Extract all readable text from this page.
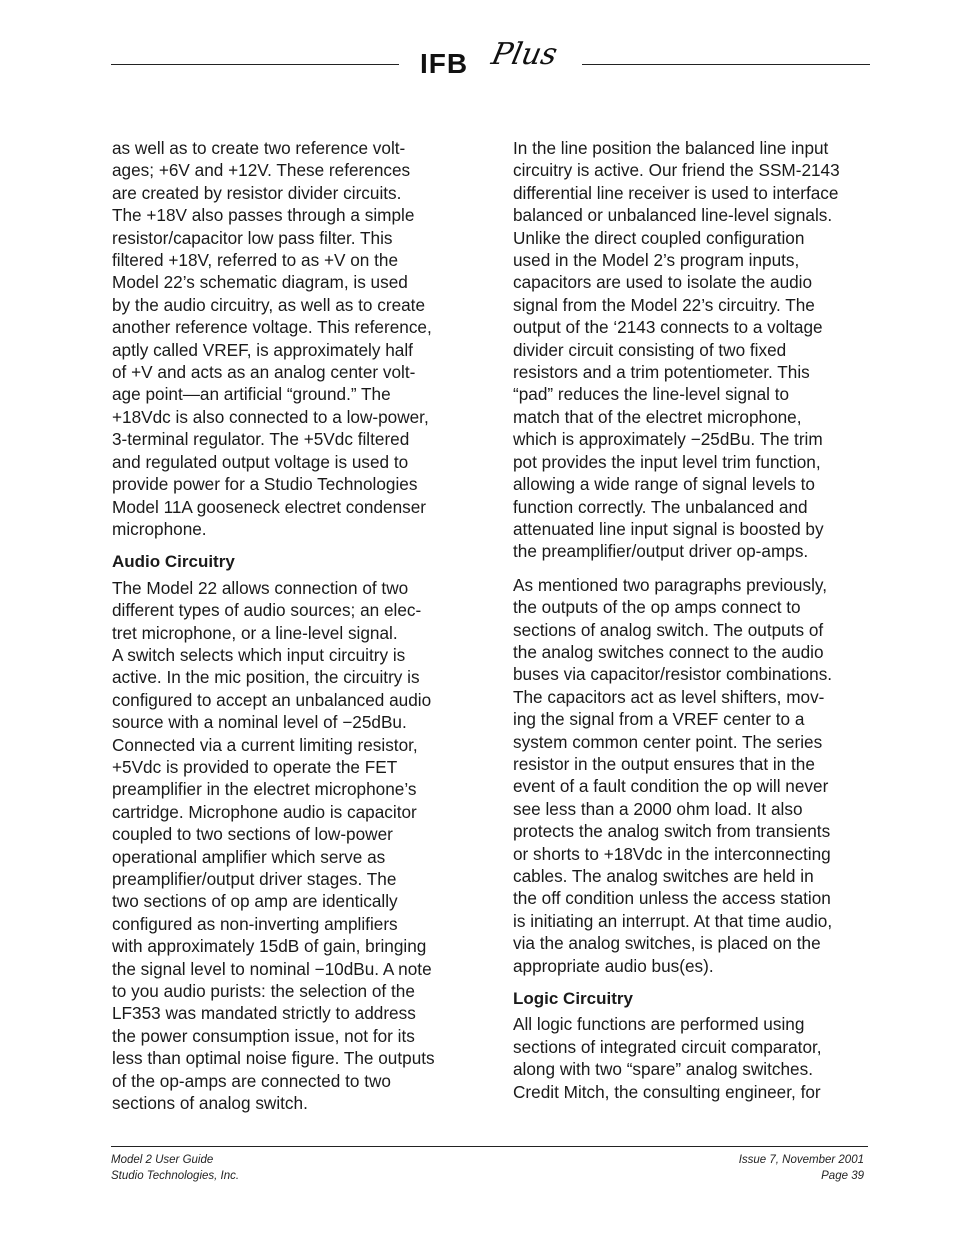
IFB Plus

as well as to create two reference volt-
ages; +6V and +12V. These references
are created by resistor divider circuits.
The +18V also passes through a simple
resistor/capacitor low pass filter. This
filtered +18V, referred to as +V on the
Model 22’s schematic diagram, is used
by the audio circuitry, as well as to create
another reference voltage. This reference,
aptly called VREF, is approximately half
of +V and acts as an analog center volt-
age point—an artificial “ground.” The
+18Vdc is also connected to a low-power,
3-terminal regulator. The +5Vdc filtered
and regulated output voltage is used to
provide power for a Studio Technologies
Model 11A gooseneck electret condenser
microphone.

Audio Circuitry

The Model 22 allows connection of two
different types of audio sources; an elec-
tret microphone, or a line-level signal.
A switch selects which input circuitry is
active. In the mic position, the circuitry is
configured to accept an unbalanced audio
source with a nominal level of −25dBu.
Connected via a current limiting resistor,
+5Vdc is provided to operate the FET
preamplifier in the electret microphone’s
cartridge. Microphone audio is capacitor
coupled to two sections of low-power
operational amplifier which serve as
preamplifier/output driver stages. The
two sections of op amp are identically
configured as non-inverting amplifiers
with approximately 15dB of gain, bringing
the signal level to nominal −10dBu. A note
to you audio purists: the selection of the
LF353 was mandated strictly to address
the power consumption issue, not for its
less than optimal noise figure. The outputs
of the op-amps are connected to two
sections of analog switch.

In the line position the balanced line input
circuitry is active. Our friend the SSM-2143
differential line receiver is used to interface
balanced or unbalanced line-level signals.
Unlike the direct coupled configuration
used in the Model 2’s program inputs,
capacitors are used to isolate the audio
signal from the Model 22’s circuitry. The
output of the ‘2143 connects to a voltage
divider circuit consisting of two fixed
resistors and a trim potentiometer. This
“pad” reduces the line-level signal to
match that of the electret microphone,
which is approximately −25dBu. The trim
pot provides the input level trim function,
allowing a wide range of signal levels to
function correctly. The unbalanced and
attenuated line input signal is boosted by
the preamplifier/output driver op-amps.

As mentioned two paragraphs previously,
the outputs of the op amps connect to
sections of analog switch. The outputs of
the analog switches connect to the audio
buses via capacitor/resistor combinations.
The capacitors act as level shifters, mov-
ing the signal from a VREF center to a
system common center point. The series
resistor in the output ensures that in the
event of a fault condition the op will never
see less than a 2000 ohm load. It also
protects the analog switch from transients
or shorts to +18Vdc in the interconnecting
cables. The analog switches are held in
the off condition unless the access station
is initiating an interrupt. At that time audio,
via the analog switches, is placed on the
appropriate audio bus(es).

Logic Circuitry

All logic functions are performed using
sections of integrated circuit comparator,
along with two “spare” analog switches.
Credit Mitch, the consulting engineer, for

Model 2 User Guide
Studio Technologies, Inc.
Issue 7, November 2001
Page 39
